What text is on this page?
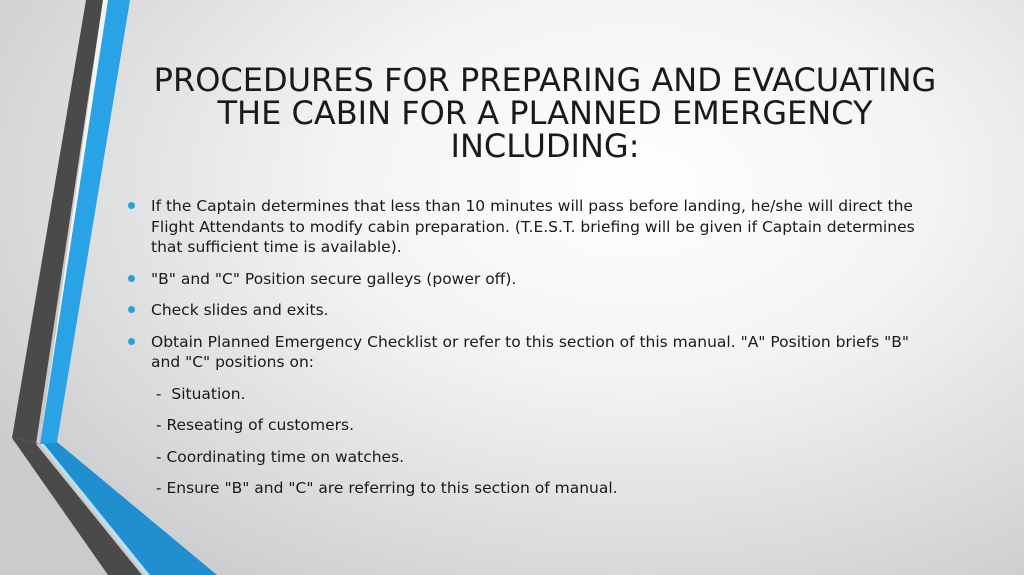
PROCEDURES FOR PREPARING AND EVACUATING
THE CABIN FOR A PLANNED EMERGENCY
INCLUDING:
If the Captain determines that less than 10 minutes will pass before landing, he/she will direct the Flight Attendants to modify cabin preparation. (T.E.S.T. briefing will be given if Captain determines that sufficient time is available).
"B" and "C" Position secure galleys (power off).
Check slides and exits.
Obtain Planned Emergency Checklist or refer to this section of this manual. "A" Position briefs "B" and "C" positions on:
-  Situation.
- Reseating of customers.
- Coordinating time on watches.
- Ensure "B" and "C" are referring to this section of manual.
